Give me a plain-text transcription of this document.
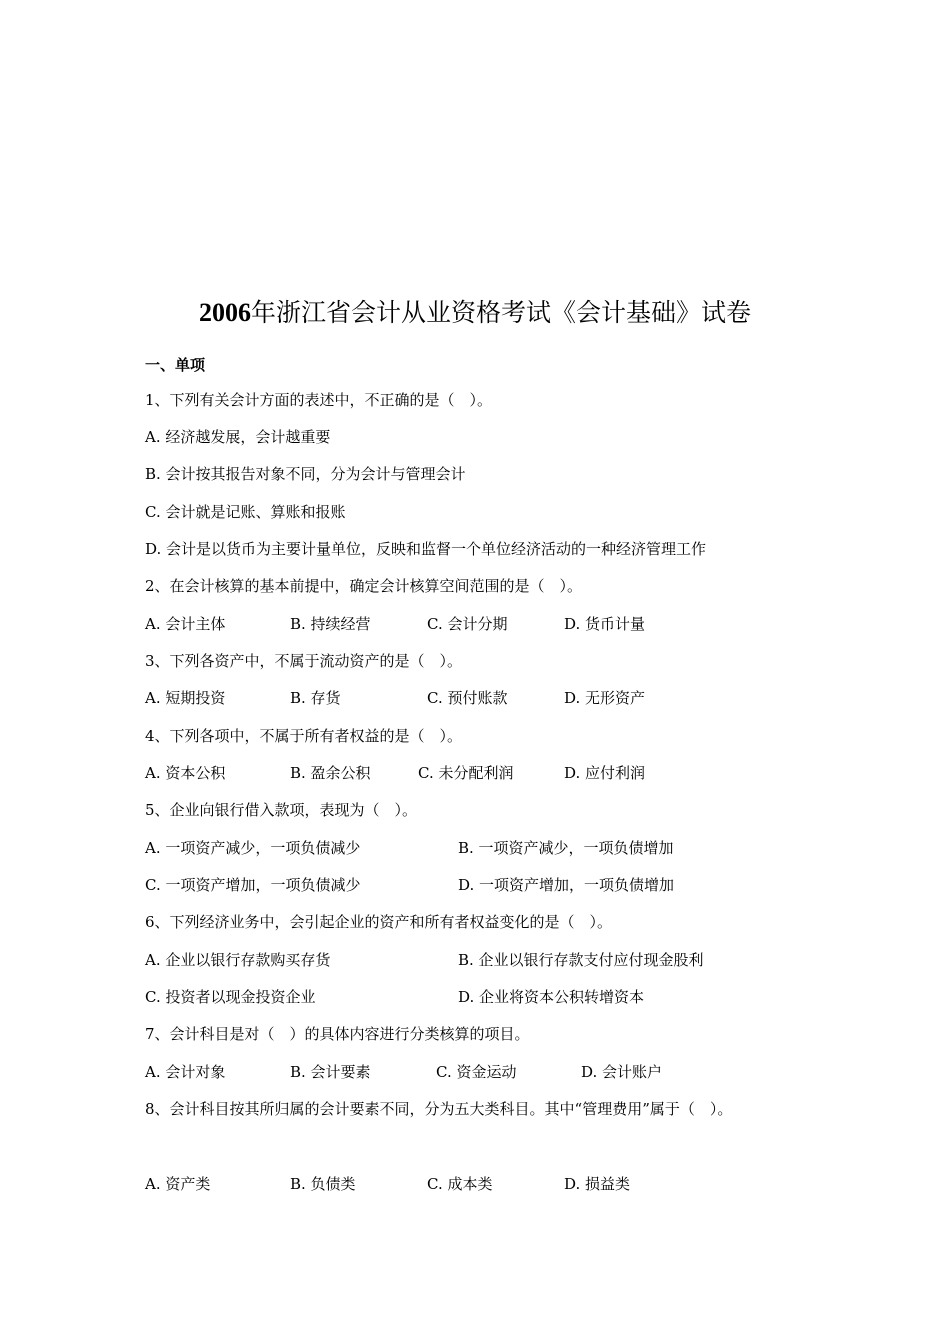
2006年浙江省会计从业资格考试《会计基础》试卷
一、单项
1、下列有关会计方面的表述中，不正确的是（　）。
A. 经济越发展，会计越重要
B. 会计按其报告对象不同，分为会计与管理会计
C. 会计就是记账、算账和报账
D. 会计是以货币为主要计量单位，反映和监督一个单位经济活动的一种经济管理工作
2、在会计核算的基本前提中，确定会计核算空间范围的是（　）。
A. 会计主体	B. 持续经营	C. 会计分期	D. 货币计量
3、下列各资产中，不属于流动资产的是（　）。
A. 短期投资	B. 存货	C. 预付账款	D. 无形资产
4、下列各项中，不属于所有者权益的是（　）。
A. 资本公积	B. 盈余公积	C. 未分配利润	D. 应付利润
5、企业向银行借入款项，表现为（　）。
A. 一项资产减少，一项负债减少	B. 一项资产减少，一项负债增加
C. 一项资产增加，一项负债减少	D. 一项资产增加，一项负债增加
6、下列经济业务中，会引起企业的资产和所有者权益变化的是（　）。
A. 企业以银行存款购买存货	B. 企业以银行存款支付应付现金股利
C. 投资者以现金投资企业	D. 企业将资本公积转增资本
7、会计科目是对（　）的具体内容进行分类核算的项目。
A. 会计对象	B. 会计要素	C. 资金运动	D. 会计账户
8、会计科目按其所归属的会计要素不同，分为五大类科目。其中“管理费用”属于（　）。
A. 资产类	B. 负债类	C. 成本类	D. 损益类
